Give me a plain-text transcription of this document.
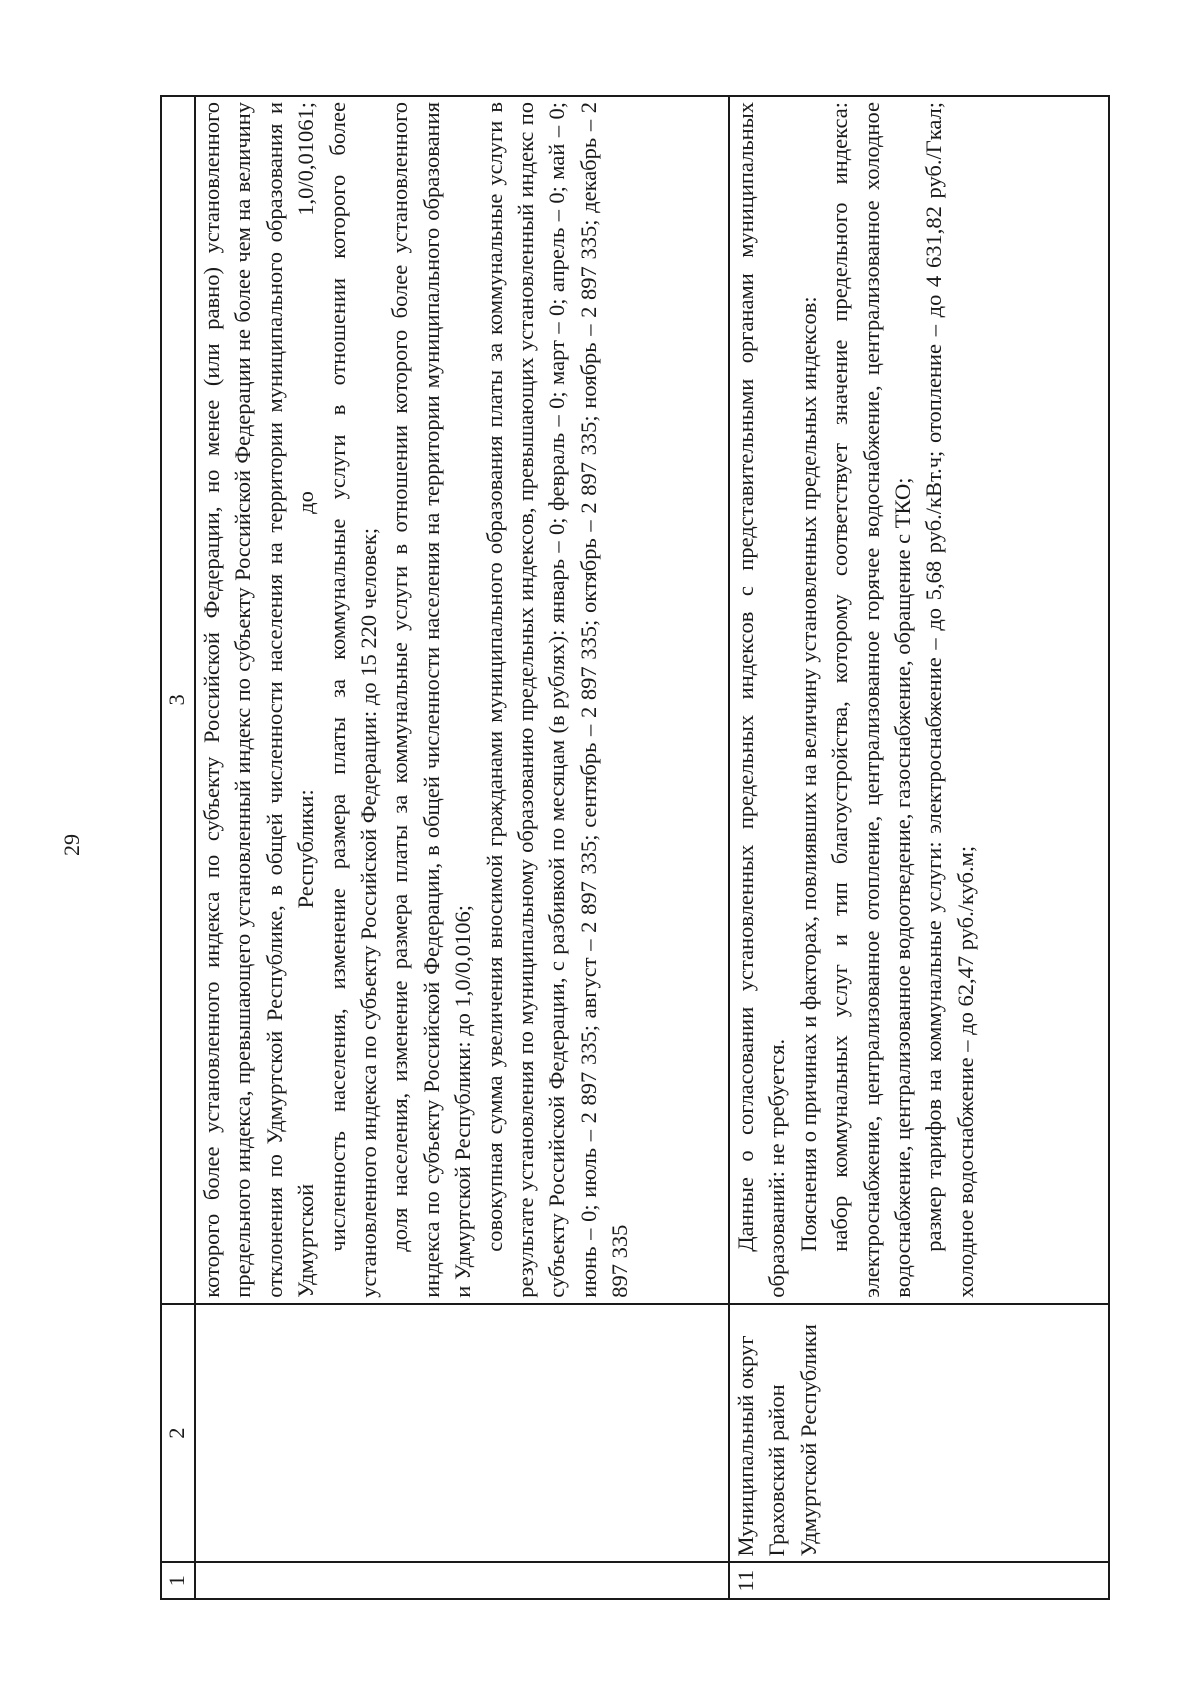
29
1	2	3

		которого более установленного индекса по субъекту Российской Федерации, но менее (или равно) установленного предельного индекса, превышающего установленный индекс по субъекту Российской Федерации не более чем на величину отклонения по Удмуртской Республике, в общей численности населения на территории муниципального образования и Удмуртской Республики: до 1,0/0,01061; численность населения, изменение размера платы за коммунальные услуги в отношении которого более установленного индекса по субъекту Российской Федерации: до 15 220 человек; доля населения, изменение размера платы за коммунальные услуги в отношении которого более установленного индекса по субъекту Российской Федерации, в общей численности населения на территории муниципального образования и Удмуртской Республики: до 1,0/0,0106; совокупная сумма увеличения вносимой гражданами муниципального образования платы за коммунальные услуги в результате установления по муниципальному образованию предельных индексов, превышающих установленный индекс по субъекту Российской Федерации, с разбивкой по месяцам (в рублях): январь – 0; февраль – 0; март – 0; апрель – 0; май – 0; июнь – 0; июль – 2 897 335; август – 2 897 335; сентябрь – 2 897 335; октябрь – 2 897 335; ноябрь – 2 897 335; декабрь – 2 897 335

11	Муниципальный округ Граховский район Удмуртской Республики	Данные о согласовании установленных предельных индексов с представительными органами муниципальных образований: не требуется. Пояснения о причинах и факторах, повлиявших на величину установленных предельных индексов: набор коммунальных услуг и тип благоустройства, которому соответствует значение предельного индекса: электроснабжение, централизованное отопление, централизованное горячее водоснабжение, централизованное холодное водоснабжение, централизованное водоотведение, газоснабжение, обращение с ТКО; размер тарифов на коммунальные услуги: электроснабжение – до 5,68 руб./кВт.ч; отопление – до 4 631,82 руб./Гкал; холодное водоснабжение – до 62,47 руб./куб.м;
